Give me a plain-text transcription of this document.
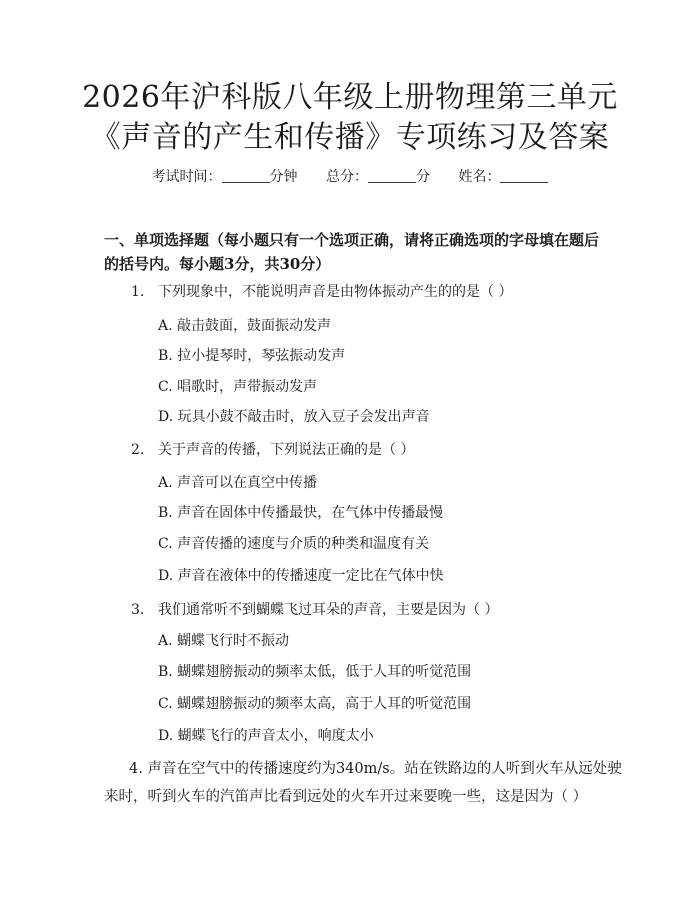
2026年沪科版八年级上册物理第三单元《声音的产生和传播》专项练习及答案
考试时间：	分钟 总分：	分 姓名：
一、单项选择题（每小题只有一个选项正确，请将正确选项的字母填在题后的括号内。每小题3分，共30分）
1. 下列现象中，不能说明声音是由物体振动产生的的是（ ）
A. 敲击鼓面，鼓面振动发声
B. 拉小提琴时，琴弦振动发声
C. 唱歌时，声带振动发声
D. 玩具小鼓不敲击时，放入豆子会发出声音
2. 关于声音的传播，下列说法正确的是（ ）
A. 声音可以在真空中传播
B. 声音在固体中传播最快，在气体中传播最慢
C. 声音传播的速度与介质的种类和温度有关
D. 声音在液体中的传播速度一定比在气体中快
3. 我们通常听不到蝴蝶飞过耳朵的声音，主要是因为（ ）
A. 蝴蝶飞行时不振动
B. 蝴蝶翅膀振动的频率太低，低于人耳的听觉范围
C. 蝴蝶翅膀振动的频率太高，高于人耳的听觉范围
D. 蝴蝶飞行的声音太小，响度太小
4. 声音在空气中的传播速度约为340m/s。站在铁路边的人听到火车从远处驶来时，听到火车的汽笛声比看到远处的火车开过来要晚一些，这是因为（ ）
